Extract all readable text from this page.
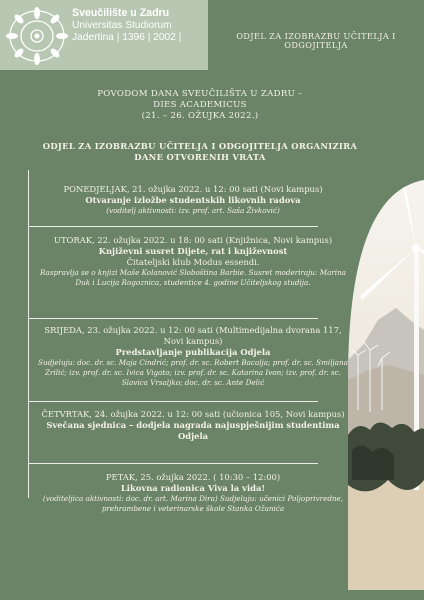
Sveučilište u Zadru
Universitas Studiorum
Jadertina | 1396 | 2002 |	ODJEL ZA IZOBRAZBU UČITELJA I ODGOJITELJA
POVODOM DANA SVEUČILIŠTA U ZADRU –
DIES ACADEMICUS
(21. – 26. OŽUJKA 2022.)
ODJEL ZA IZOBRAZBU UČITELJA I ODGOJITELJA ORGANIZIRA
DANE OTVORENIH VRATA
PONEDJELJAK, 21. ožujka 2022. u 12: 00 sati (Novi kampus)
Otvaranje izložbe studentskih likovnih radova
(voditelj aktivnosti: izv. prof. art. Saša Živković)
UTORAK, 22. ožujka 2022. u 18: 00 sati (Knjižnica, Novi kampus)
Književni susret Dijete, rat i književnost
Čitateljski klub Modus essendi.
Raspravlja se o knjizi Maše Kolanović Sloboština Barbie. Susret moderiraju: Marina Duk i Lucija Rogoznica, studentice 4. godine Učiteljskog studija.
SRIJEDA, 23. ožujka 2022. u 12: 00 sati (Multimedijalna dvorana 117, Novi kampus)
Predstavljanje publikacija Odjela
Sudjeluju: doc. dr. sc. Maja Cindrić; prof. dr. sc. Robert Bacalja; prof. dr. sc. Smiljana Zrilić; izv. prof. dr. sc. Ivica Vigato; izv. prof. dr. sc. Katarina Ivon; izv. prof. dr. sc. Slavica Vrsaljko; doc. dr. sc. Ante Delić
ČETVRTAK, 24. ožujka 2022. u 12: 00 sati (učionica 105, Novi kampus)
Svečana sjednica – dodjela nagrada najuspješnijim studentima Odjela
PETAK, 25. ožujka 2022. ( 10:30 – 12:00)
Likovna radionica Viva la vida!
(voditeljica aktivnosti: doc. dr. art. Marina Dira) Sudjeluju: učenici Poljoprivredne, prehrambene i veterinarske škole Stanka Ožanića
